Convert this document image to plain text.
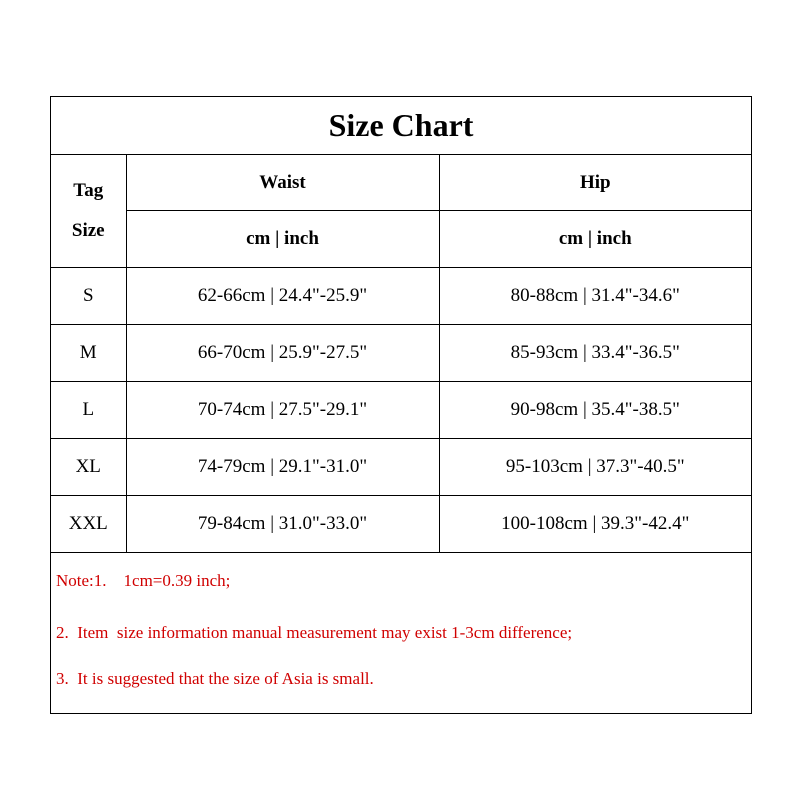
Size Chart		

Tag
Size	Waist	Hip
	cm | inch	cm | inch
S	62-66cm | 24.4"-25.9"	80-88cm | 31.4"-34.6"
M	66-70cm | 25.9"-27.5"	85-93cm | 33.4"-36.5"
L	70-74cm | 27.5"-29.1"	90-98cm | 35.4"-38.5"
XL	74-79cm | 29.1"-31.0"	95-103cm | 37.3"-40.5"
XXL	79-84cm | 31.0"-33.0"	100-108cm | 39.3"-42.4"
Note:1.    1cm=0.39 inch;
2.  Item  size information manual measurement may exist 1-3cm difference;
3.  It is suggested that the size of Asia is small.
